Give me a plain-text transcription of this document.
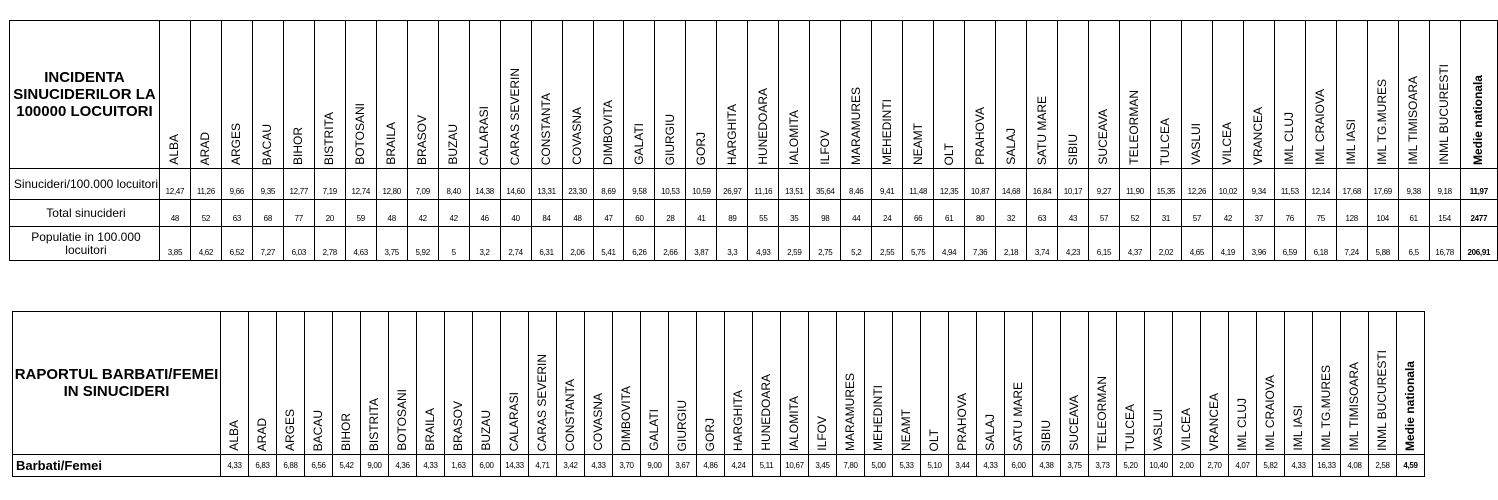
INCIDENTA SINUCIDERILOR LA 100000 LOCUITORI	ALBA	ARAD	ARGES	BACAU	BIHOR	BISTRITA	BOTOSANI	BRAILA	BRASOV	BUZAU	CALARASI	CARAS SEVERIN	CONSTANTA	COVASNA	DIMBOVITA	GALATI	GIURGIU	GORJ	HARGHITA	HUNEDOARA	IALOMITA	ILFOV	MARAMURES	MEHEDINTI	NEAMT	OLT	PRAHOVA	SALAJ	SATU MARE	SIBIU	SUCEAVA	TELEORMAN	TULCEA	VASLUI	VILCEA	VRANCEA	IML CLUJ	IML CRAIOVA	IML IASI	IML TG.MURES	IML TIMISOARA	INML BUCURESTI	Medie nationala

Sinucideri/100.000 locuitori	12,47	11,26	9,66	9,35	12,77	7,19	12,74	12,80	7,09	8,40	14,38	14,60	13,31	23,30	8,69	9,58	10,53	10,59	26,97	11,16	13,51	35,64	8,46	9,41	11,48	12,35	10,87	14,68	16,84	10,17	9,27	11,90	15,35	12,26	10,02	9,34	11,53	12,14	17,68	17,69	9,38	9,18	11,97
Total sinucideri	48	52	63	68	77	20	59	48	42	42	46	40	84	48	47	60	28	41	89	55	35	98	44	24	66	61	80	32	63	43	57	52	31	57	42	37	76	75	128	104	61	154	2477
Populatie in 100.000 locuitori	3,85	4,62	6,52	7,27	6,03	2,78	4,63	3,75	5,92	5	3,2	2,74	6,31	2,06	5,41	6,26	2,66	3,87	3,3	4,93	2,59	2,75	5,2	2,55	5,75	4,94	7,36	2,18	3,74	4,23	6,15	4,37	2,02	4,65	4,19	3,96	6,59	6,18	7,24	5,88	6,5	16,78	206,91
RAPORTUL BARBATI/FEMEI IN SINUCIDERI	ALBA	ARAD	ARGES	BACAU	BIHOR	BISTRITA	BOTOSANI	BRAILA	BRASOV	BUZAU	CALARASI	CARAS SEVERIN	CONSTANTA	COVASNA	DIMBOVITA	GALATI	GIURGIU	GORJ	HARGHITA	HUNEDOARA	IALOMITA	ILFOV	MARAMURES	MEHEDINTI	NEAMT	OLT	PRAHOVA	SALAJ	SATU MARE	SIBIU	SUCEAVA	TELEORMAN	TULCEA	VASLUI	VILCEA	VRANCEA	IML CLUJ	IML CRAIOVA	IML IASI	IML TG.MURES	IML TIMISOARA	INML BUCURESTI	Medie nationala

Barbati/Femei	4,33	6,83	6,88	6,56	5,42	9,00	4,36	4,33	1,63	6,00	14,33	4,71	3,42	4,33	3,70	9,00	3,67	4,86	4,24	5,11	10,67	3,45	7,80	5,00	5,33	5,10	3,44	4,33	6,00	4,38	3,75	3,73	5,20	10,40	2,00	2,70	4,07	5,82	4,33	16,33	4,08	2,58	4,59
